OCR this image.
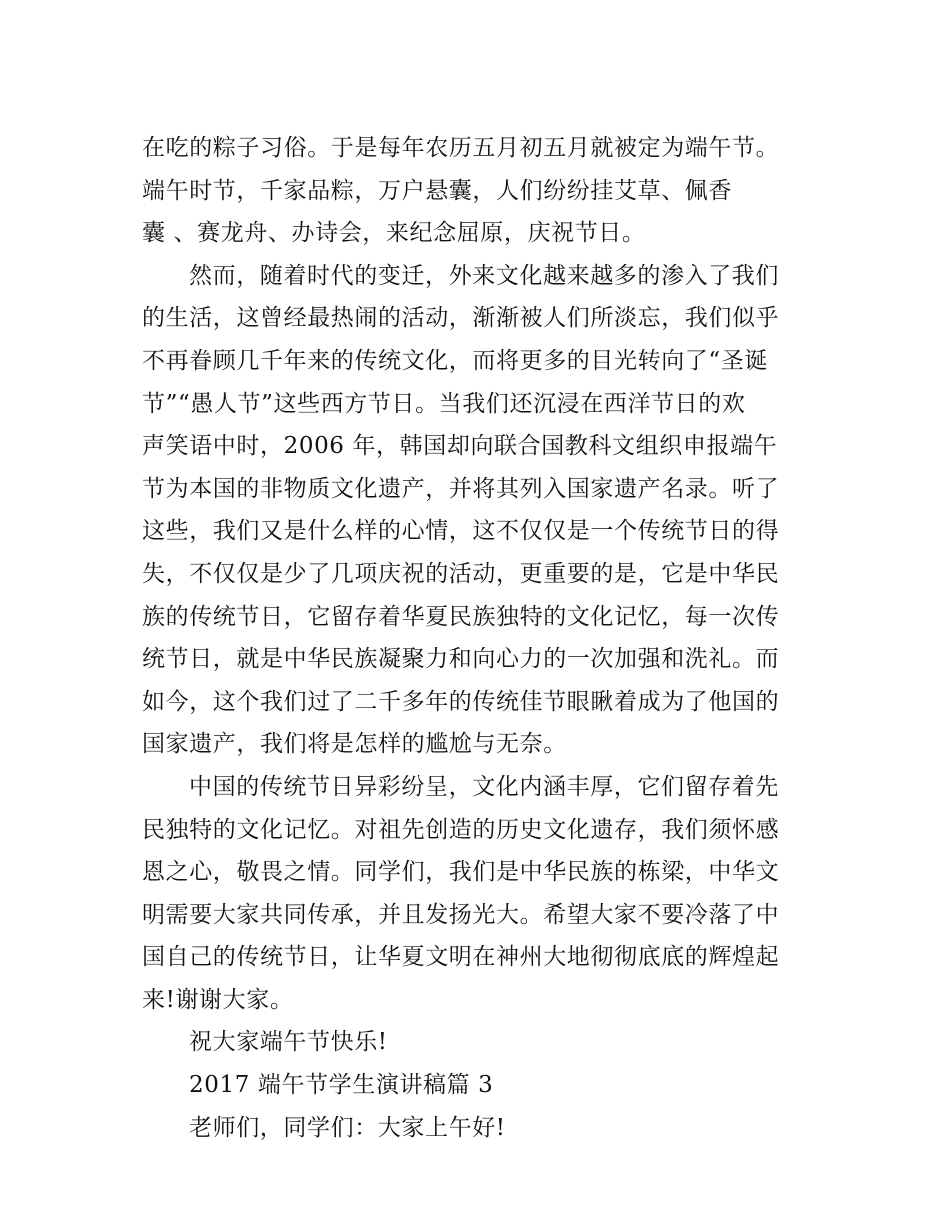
在吃的粽子习俗。于是每年农历五月初五月就被定为端午节。
端午时节，千家品粽，万户悬囊，人们纷纷挂艾草、佩香
囊 、赛龙舟、办诗会，来纪念屈原，庆祝节日。
然而，随着时代的变迁，外来文化越来越多的渗入了我们
的生活，这曾经最热闹的活动，渐渐被人们所淡忘，我们似乎
不再眷顾几千年来的传统文化，而将更多的目光转向了“圣诞
节”“愚人节”这些西方节日。当我们还沉浸在西洋节日的欢
声笑语中时，2006 年，韩国却向联合国教科文组织申报端午
节为本国的非物质文化遗产，并将其列入国家遗产名录。听了
这些，我们又是什么样的心情，这不仅仅是一个传统节日的得
失，不仅仅是少了几项庆祝的活动，更重要的是，它是中华民
族的传统节日，它留存着华夏民族独特的文化记忆，每一次传
统节日，就是中华民族凝聚力和向心力的一次加强和洗礼。而
如今，这个我们过了二千多年的传统佳节眼瞅着成为了他国的
国家遗产，我们将是怎样的尴尬与无奈。
中国的传统节日异彩纷呈，文化内涵丰厚，它们留存着先
民独特的文化记忆。对祖先创造的历史文化遗存，我们须怀感
恩之心，敬畏之情。同学们，我们是中华民族的栋梁，中华文
明需要大家共同传承，并且发扬光大。希望大家不要冷落了中
国自己的传统节日，让华夏文明在神州大地彻彻底底的辉煌起
来!谢谢大家。
祝大家端午节快乐!
2017 端午节学生演讲稿篇 3
老师们，同学们：大家上午好!
